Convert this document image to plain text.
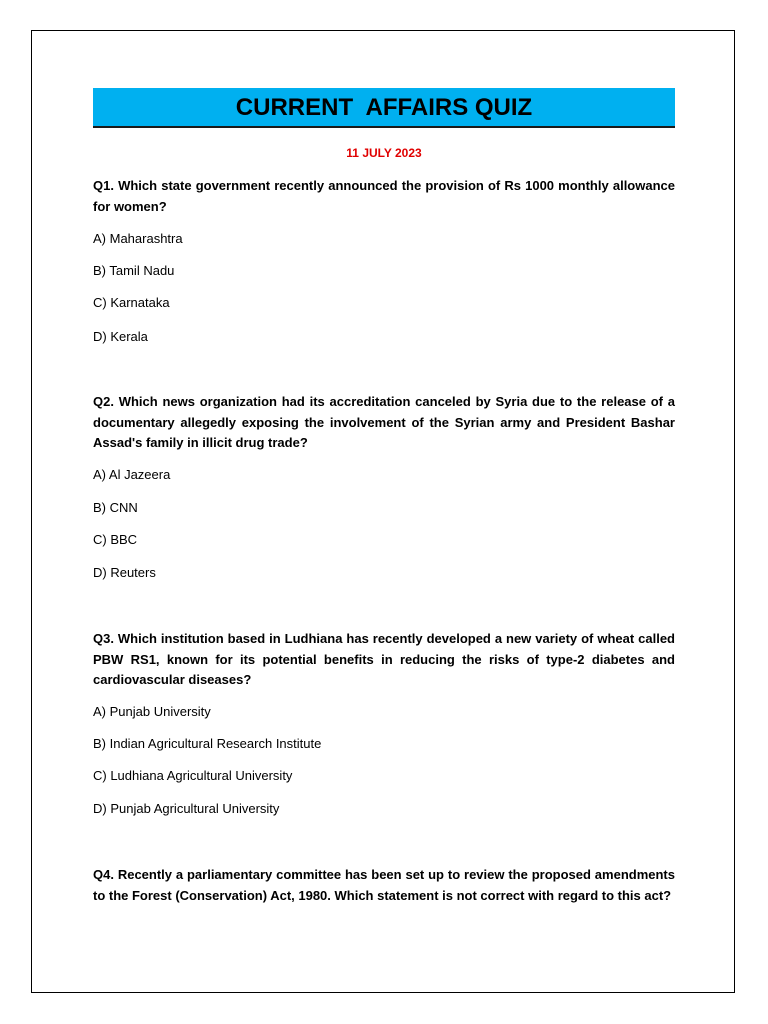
CURRENT  AFFAIRS QUIZ
11 JULY 2023
Q1. Which state government recently announced the provision of Rs 1000 monthly allowance for women?
A) Maharashtra
B) Tamil Nadu
C) Karnataka
D) Kerala
Q2. Which news organization had its accreditation canceled by Syria due to the release of a documentary allegedly exposing the involvement of the Syrian army and President Bashar Assad's family in illicit drug trade?
A) Al Jazeera
B) CNN
C) BBC
D) Reuters
Q3. Which institution based in Ludhiana has recently developed a new variety of wheat called PBW RS1, known for its potential benefits in reducing the risks of type-2 diabetes and cardiovascular diseases?
A) Punjab University
B) Indian Agricultural Research Institute
C) Ludhiana Agricultural University
D) Punjab Agricultural University
Q4. Recently a parliamentary committee has been set up to review the proposed amendments to the Forest (Conservation) Act, 1980. Which statement is not correct with regard to this act?
